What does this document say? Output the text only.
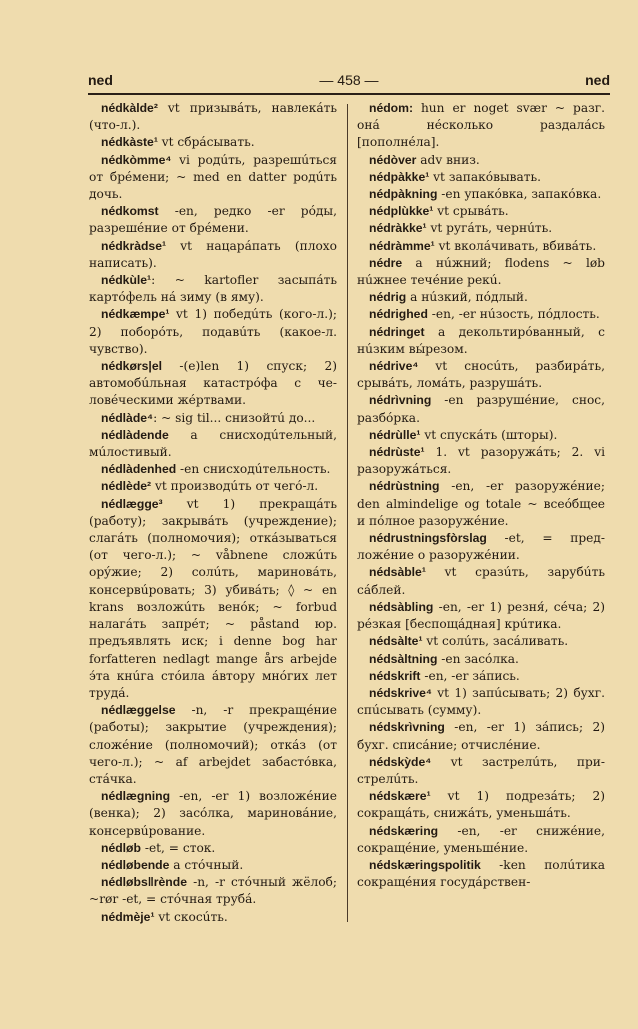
ned	— 458 —	ned

nédkàlde² vt призывáть, навлекáть (что-л.).

nédkàste¹ vt сбрáсывать.

nédkòmme⁴ vi родúть, разрешúться от брéмени; ~ med en datter родúть дочь.

nédkomst -en, редко -er рóды, разрешéние от брéмени.

nédkràdse¹ vt нацарáпать (плохо написать).

nédkùle¹: ~ kartofler засыпáть картóфель нá зиму (в яму).

nédkæmpe¹ vt 1) победúть (кого-л.); 2) поборóть, подавúть (какое-л. чувство).

nédkørs|el -(e)len 1) спуск; 2) автомобúльная катастрóфа с человéческими жéртвами.

nédlàde⁴: ~ sig til... снизойтú до...

nédlàdende a снисходúтельный, мúлостивый.

nédlàdenhed -en снисходúтельность.

nédlède² vt производúть от чегó-л.

nédlægge³ vt 1) прекращáть (работу); закрывáть (учреждение); слагáть (полномочия); откáзываться (от чего-л.); ~ våbnene сложúть орýжие; 2) солúть, маринoвáть, консервúровать; 3) убивáть; ◊ ~ en krans возложúть венóк; ~ forbud налагáть запрéт; ~ påstand юр. предъявлять иск; i denne bog har forfatteren nedlagt mange års arbejde э́та кнúга стóила áвтору мнóгих лет трудá.

nédlæggelse -n, -r прекращéние (работы); закрытие (учреждения); сложéние (полномочий); откáз (от чего-л.); ~ af arbejdet забастóвка, стáчка.

nédlægning -en, -er 1) возложéние (венка); 2) засóлка, мариновáние, консервúрование.

nédløb -et, = сток.

nédløbende a стóчный.

nédløbs‖rènde -n, -r стóчный жёлоб; ~rør -et, = стóчная трубá.

nédmèje¹ vt скосúть.

nédom: hun er noget svær ~ разг. онá нéсколько раздалáсь [пополнéла].

nédòver adv вниз.

nédpàkke¹ vt запакóвывать.

nédpàkning -en упакóвка, запакóвка.

nédplùkke¹ vt срывáть.

nédràkke¹ vt ругáть, чернúть.

nédràmme¹ vt вколáчивать, вбивáть.

nédre a нúжний; flodens ~ løb нúжнее течéние рекú.

nédrig a нúзкий, пóдлый.

nédrighed -en, -er нúзость, пóдлость.

nédringet a декольтирóванный, с нúзким вы́резом.

nédrive⁴ vt сноcúть, разбирáть, срывáть, ломáть, разрушáть.

nédrìvning -en разрушéние, снос, разбóрка.

nédrùlle¹ vt спускáть (шторы).

nédrùste¹ 1. vt разоружáть; 2. vi разоружáться.

nédrùstning -en, -er разоружéние; den almindelige og totale ~ всеóбщее и пóлное разоружéние.

nédrustningsfòrslag -et, = предложéние о разоружéнии.

nédsàble¹ vt сразúть, зарубúть сáблей.

nédsàbling -en, -er 1) резня́, сéча; 2) рéзкая [беспощáдная] крúтика.

nédsàlte¹ vt солúть, засáливать.

nédsàltning -en засóлка.

nédskrift -en, -er зáпись.

nédskrive⁴ vt 1) запúсывать; 2) бухг. спúсывать (сумму).

nédskrìvning -en, -er 1) зáпись; 2) бухг. спиcáние; отчислéние.

nédskỳde⁴ vt застрелúть, пристрелúть.

nédskære¹ vt 1) подрезáть; 2) сокращáть, снижáть, уменьшáть.

nédskæring -en, -er снижéние, сокращéние, уменьшéние.

nédskæringspolitik -ken полúтика сокращéния госудáрствен-
